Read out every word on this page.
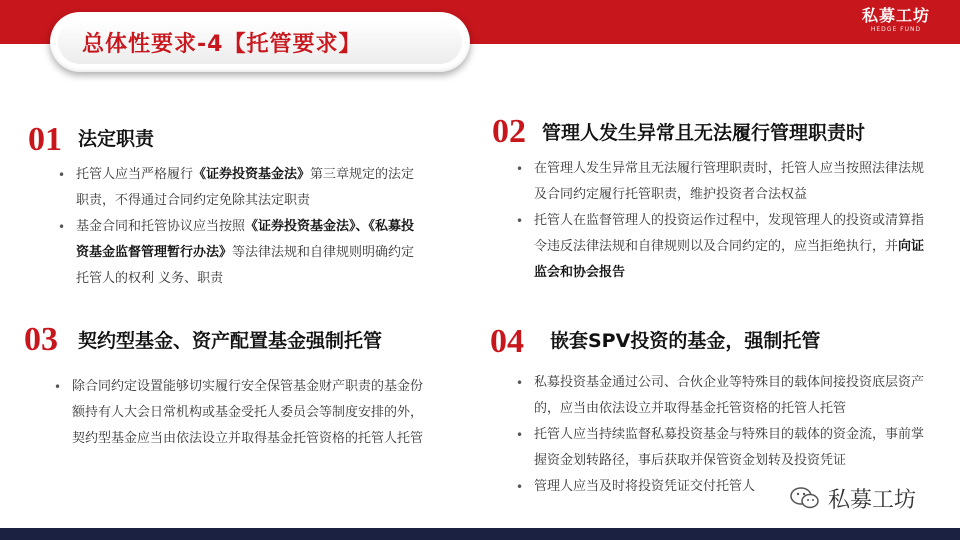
私募工坊
HEDGE FUND
总体性要求-4【托管要求】
01 法定职责
• 托管人应当严格履行《证券投资基金法》第三章规定的法定职责，不得通过合同约定免除其法定职责
• 基金合同和托管协议应当按照《证券投资基金法》、《私募投资基金监督管理暂行办法》等法律法规和自律规则明确约定托管人的权利 义务、职责
02 管理人发生异常且无法履行管理职责时
• 在管理人发生异常且无法履行管理职责时，托管人应当按照法律法规及合同约定履行托管职责，维护投资者合法权益
• 托管人在监督管理人的投资运作过程中，发现管理人的投资或清算指令违反法律法规和自律规则以及合同约定的，应当拒绝执行，并向证监会和协会报告
03 契约型基金、资产配置基金强制托管
• 除合同约定设置能够切实履行安全保管基金财产职责的基金份额持有人大会日常机构或基金受托人委员会等制度安排的外，契约型基金应当由依法设立并取得基金托管资格的托管人托管
04 嵌套SPV投资的基金，强制托管
• 私募投资基金通过公司、合伙企业等特殊目的载体间接投资底层资产的，应当由依法设立并取得基金托管资格的托管人托管
• 托管人应当持续监督私募投资基金与特殊目的载体的资金流，事前掌握资金划转路径，事后获取并保管资金划转及投资凭证
• 管理人应当及时将投资凭证交付托管人
私募工坊
